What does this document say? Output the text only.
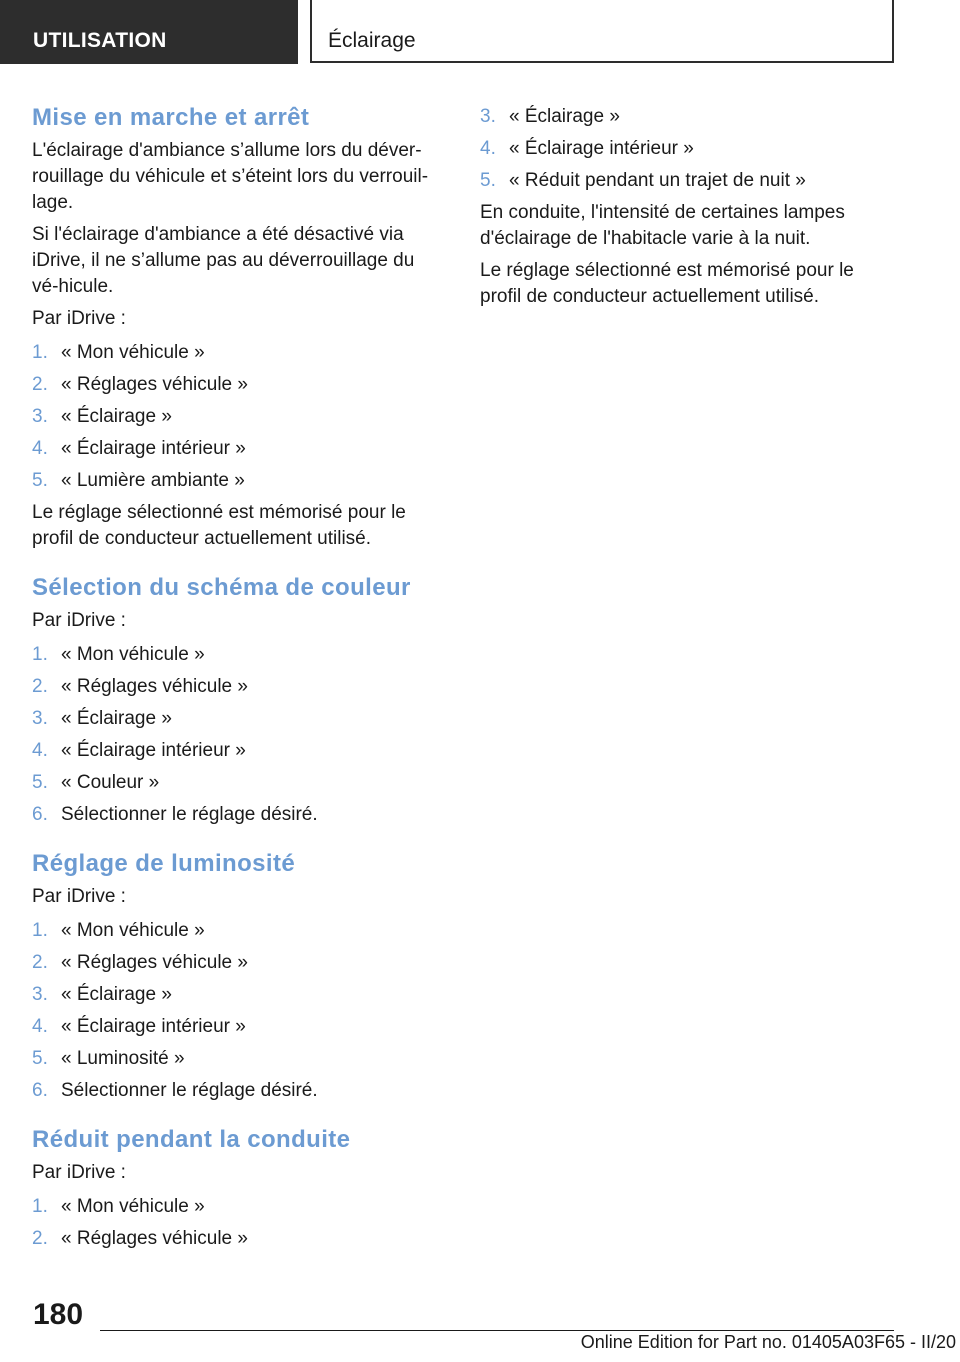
UTILISATION	Éclairage
Mise en marche et arrêt

L'éclairage d'ambiance s’allume lors du déver-rouillage du véhicule et s’éteint lors du verrouil-lage.

Si l'éclairage d'ambiance a été désactivé via iDrive, il ne s’allume pas au déverrouillage du vé-hicule.

Par iDrive :

1. « Mon véhicule »
2. « Réglages véhicule »
3. « Éclairage »
4. « Éclairage intérieur »
5. « Lumière ambiante »

Le réglage sélectionné est mémorisé pour le profil de conducteur actuellement utilisé.

Sélection du schéma de couleur

Par iDrive :

1. « Mon véhicule »
2. « Réglages véhicule »
3. « Éclairage »
4. « Éclairage intérieur »
5. « Couleur »
6. Sélectionner le réglage désiré.
Réglage de luminosité

Par iDrive :

1. « Mon véhicule »
2. « Réglages véhicule »
3. « Éclairage »
4. « Éclairage intérieur »
5. « Luminosité »
6. Sélectionner le réglage désiré.
Réduit pendant la conduite

Par iDrive :

1. « Mon véhicule »
2. « Réglages véhicule »
3. « Éclairage »
4. « Éclairage intérieur »
5. « Réduit pendant un trajet de nuit »

En conduite, l'intensité de certaines lampes d'éclairage de l'habitacle varie à la nuit.

Le réglage sélectionné est mémorisé pour le profil de conducteur actuellement utilisé.

180
Online Edition for Part no. 01405A03F65 - II/20
